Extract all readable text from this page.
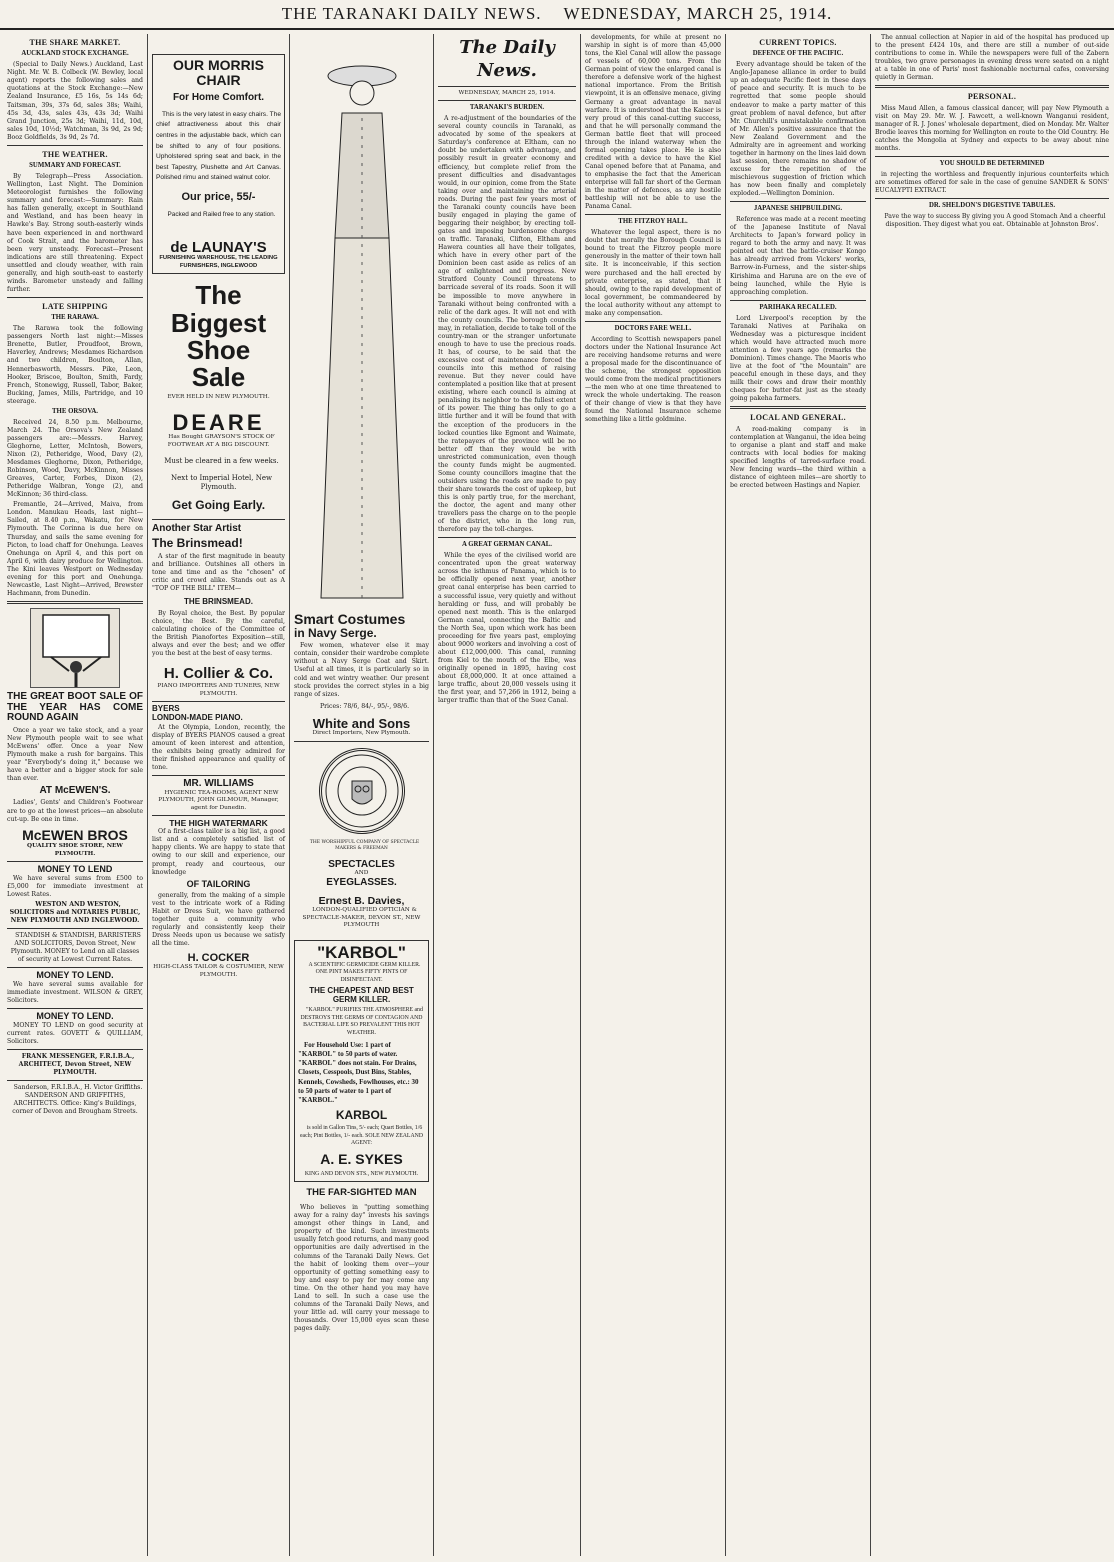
THE TARANAKI DAILY NEWS. WEDNESDAY, MARCH 25, 1914.
THE SHARE MARKET.
AUCKLAND STOCK EXCHANGE.

(Special to Daily News.) Auckland, Last Night. Mr. W. B. Colbeck (W. Bewley, local agent) reports the following sales and quotations at the Stock Exchange:—New Zealand Insurance, £5 16s, 5s 14s 6d; Taitsman, 39s, 37s 6d, sales 38s; Waihi, 45s 3d, 43s, sales 43s, 43s 3d; Waihi Grand Junction, 25s 3d; Waihi, 11d, 10d, sales 10d, 10½d; Watchman, 3s 9d, 2s 9d; Booz Goldfields, 3s 9d, 2s 7d.

THE WEATHER.
SUMMARY AND FORECAST.

By Telegraph—Press Association. Wellington, Last Night. The Dominion Meteorologist furnishes the following summary and forecast:—Summary: Rain has fallen generally, except in Southland and Westland, and has been heavy in Hawke's Bay. Strong south-easterly winds have been experienced in and northward of Cook Strait, and the barometer has been very unsteady. Forecast—Present indications are still threatening. Expect unsettled and cloudy weather, with rain generally, and high south-east to easterly winds. Barometer unsteady and falling further.

LATE SHIPPING
THE RARAWA.

The Rarawa took the following passengers North last night:—Misses Brenette, Butler, Proudfoot, Brown, Haverley, Andrews; Mesdames Richardson and two children, Boulton, Allan, Hennerbasworth, Messrs. Pike, Leon, Hooker, Briscoe, Boulton, Smith, Fardy, French, Stonewigg, Russell, Tabor, Baker, Bucking, James, Mills, Partridge, and 10 steerage.

THE ORSOVA.

Received 24, 8.50 p.m. Melbourne, March 24. The Orsova's New Zealand passengers are:—Messrs. Harvey, Gleghorne, Letter, McIntosh, Bowers, Nixon (2), Petheridge, Wood, Davy (2), Mesdames Gleghorne, Dixon, Petheridge, Robinson, Wood, Davy, McKinnon, Misses Greaves, Carter, Forbes, Dixon (2), Petheridge Walbran, Yonge (2), and McKinnon; 36 third-class.

Fremantle, 24—Arrived, Maiva, from London. Manukau Heads, last night—Sailed, at 8.40 p.m., Wakatu, for New Plymouth. The Corinna is due here on Thursday, and sails the same evening for Picton, to load chaff for Onehunga. Leaves Onehunga on April 4, and this port on April 6, with dairy produce for Wellington. The Kini leaves Westport on Wednesday evening for this port and Onehunga. Newcastle, Last Night—Arrived, Brewster Hachmann, from Dunedin.

THE GREAT BOOT SALE OF THE YEAR HAS COME ROUND AGAIN

Once a year we take stock, and a year New Plymouth people wait to see what McEwens' offer. Once a year New Plymouth make a rush for bargains. This year "Everybody's doing it," because we have a better and a bigger stock for sale than ever.

AT McEWEN'S.

Ladies', Gents' and Children's Footwear are to go at the lowest prices—an absolute cut-up. Be one in time.

McEWEN BROS
QUALITY SHOE STORE, NEW PLYMOUTH.
MONEY TO LEND

We have several sums from £500 to £5,000 for immediate investment at Lowest Rates.

WESTON AND WESTON, SOLICITORS and NOTARIES PUBLIC, NEW PLYMOUTH AND INGLEWOOD.

STANDISH & STANDISH, BARRISTERS AND SOLICITORS, Devon Street, New Plymouth. MONEY to Lend on all classes of security at Lowest Current Rates.

MONEY TO LEND.

We have several sums available for immediate investment. WILSON & GREY, Solicitors.

MONEY TO LEND.

MONEY TO LEND on good security at current rates. GOVETT & QUILLIAM, Solicitors.

FRANK MESSENGER, F.R.I.B.A., ARCHITECT, Devon Street, NEW PLYMOUTH.

Sanderson, F.R.I.B.A., H. Victor Griffiths. SANDERSON AND GRIFFITHS, ARCHITECTS. Office: King's Buildings, corner of Devon and Brougham Streets.

OUR MORRIS CHAIR
For Home Comfort.

This is the very latest in easy chairs. The chief attractiveness about this chair centres in the adjustable back, which can be shifted to any of four positions. Upholstered spring seat and back, in the best Tapestry, Plushette and Art Canvas. Polished rimu and stained walnut color.

Our price, 55/-

Packed and Railed free to any station.

de LAUNAY'S
FURNISHING WAREHOUSE, THE LEADING FURNISHERS, INGLEWOOD
The
Biggest
Shoe
Sale
EVER HELD IN NEW PLYMOUTH.
DEARE

Has Bought GRAYSON'S STOCK OF FOOTWEAR AT A BIG DISCOUNT.

Must be cleared in a few weeks.

Next to Imperial Hotel, New Plymouth.

Get Going Early.
Another Star Artist
The Brinsmead!

A star of the first magnitude in beauty and brilliance. Outshines all others in tone and time and as the "chosen" of critic and crowd alike. Stands out as A "TOP OF THE BILL" ITEM—

THE BRINSMEAD.

By Royal choice, the Best. By popular choice, the Best. By the careful, calculating choice of the Committee of the British Pianofortes Exposition—still, always and ever the best; and we offer you the best at the best of easy terms.

H. Collier & Co.
PIANO IMPORTERS AND TUNERS, NEW PLYMOUTH.
BYERS
LONDON-MADE PIANO.

At the Olympia, London, recently, the display of BYERS PIANOS caused a great amount of keen interest and attention, the exhibits being greatly admired for their finished appearance and quality of tone.

MR. WILLIAMS

HYGIENIC TEA-ROOMS, AGENT NEW PLYMOUTH, JOHN GILMOUR, Manager, agent for Dunedin.

THE HIGH WATERMARK

Of a first-class tailor is a big list, a good list and a completely satisfied list of happy clients. We are happy to state that owing to our skill and experience, our prompt, ready and courteous, our knowledge

OF TAILORING

generally, from the making of a simple vest to the intricate work of a Riding Habit or Dress Suit, we have gathered together quite a community who regularly and consistently keep their Dress Needs upon us because we satisfy all the time.

H. COCKER
HIGH-CLASS TAILOR & COSTUMIER, NEW PLYMOUTH.
Smart Costumes
in Navy Serge.

Few women, whatever else it may contain, consider their wardrobe complete without a Navy Serge Coat and Skirt. Useful at all times, it is particularly so in cold and wet wintry weather. Our present stock provides the correct styles in a big range of sizes.

Prices: 78/6, 84/-, 95/-, 98/6.

White and Sons
Direct Importers, New Plymouth.

THE WORSHIPFUL COMPANY OF SPECTACLE MAKERS & FREEMAN

SPECTACLES
AND
EYEGLASSES.
Ernest B. Davies,

LONDON-QUALIFIED OPTICIAN & SPECTACLE-MAKER, DEVON ST., NEW PLYMOUTH

"KARBOL"

A SCIENTIFIC GERMICIDE GERM KILLER. ONE PINT MAKES FIFTY PINTS OF DISINFECTANT.

THE CHEAPEST AND BEST GERM KILLER.

"KARBOL" PURIFIES THE ATMOSPHERE and DESTROYS THE GERMS OF CONTAGION AND BACTERIAL LIFE SO PREVALENT THIS HOT WEATHER.

For Household Use: 1 part of "KARBOL" to 50 parts of water. "KARBOL" does not stain. For Drains, Closets, Cesspools, Dust Bins, Stables, Kennels, Cowsheds, Fowlhouses, etc.: 30 to 50 parts of water to 1 part of "KARBOL."

KARBOL

is sold in Gallon Tins, 5/- each; Quart Bottles, 1/6 each; Pint Bottles, 1/- each. SOLE NEW ZEALAND AGENT:

A. E. SYKES
KING AND DEVON STS., NEW PLYMOUTH.
THE FAR-SIGHTED MAN

Who believes in "putting something away for a rainy day" invests his savings amongst other things in Land, and property of the kind. Such investments usually fetch good returns, and many good opportunities are daily advertised in the columns of the Taranaki Daily News. Get the habit of looking them over—your opportunity of getting something easy to buy and easy to pay for may come any time. On the other hand you may have Land to sell. In such a case use the columns of the Taranaki Daily News, and your little ad. will carry your message to thousands. Over 15,000 eyes scan these pages daily.

The Daily News.
WEDNESDAY, MARCH 25, 1914.
TARANAKI'S BURDEN.

A re-adjustment of the boundaries of the several county councils in Taranaki, as advocated by some of the speakers at Saturday's conference at Eltham, can no doubt be undertaken with advantage, and possibly result in greater economy and efficiency, but complete relief from the present difficulties and disadvantages would, in our opinion, come from the State taking over and maintaining the arterial roads. During the past few years most of the Taranaki county councils have been busily engaged in playing the game of beggaring their neighbor, by erecting toll-gates and imposing burdensome charges on traffic. Taranaki, Clifton, Eltham and Hawera counties all have their tollgates, which have in every other part of the Dominion been cast aside as relics of an age of enlightened and progress. New Stratford County Council threatens to barricade several of its roads. Soon it will be impossible to move anywhere in Taranaki without being confronted with a relic of the dark ages. It will not end with the county councils. The borough councils may, in retaliation, decide to take toll of the country-man or the stranger unfortunate enough to have to use the precious roads. It has, of course, to be said that the excessive cost of maintenance forced the councils into this method of raising revenue. But they never could have contemplated a position like that at present existing, where each council is aiming at penalising its neighbor to the fullest extent of its power. The thing has only to go a little further and it will be found that with the exception of the producers in the locked counties like Egmont and Waimate, the ratepayers of the province will be no better off than they would be with unrestricted communication, even though the county funds might be augmented. Some county councillors imagine that the outsiders using the roads are made to pay their share towards the cost of upkeep, but this is only partly true, for the merchant, the doctor, the agent and many other travellers pass the charge on to the people of the district, who in the long run, therefore pay the toll-charges.

A GREAT GERMAN CANAL.

While the eyes of the civilised world are concentrated upon the great waterway across the isthmus of Panama, which is to be officially opened next year, another great canal enterprise has been carried to a successful issue, very quietly and without heralding or fuss, and will probably be opened next month. This is the enlarged German canal, connecting the Baltic and the North Sea, upon which work has been proceeding for five years past, employing about 9000 workers and involving a cost of about £12,000,000. This canal, running from Kiel to the mouth of the Elbe, was originally opened in 1895, having cost about £8,000,000. It at once attained a large traffic, about 20,000 vessels using it the first year, and 57,266 in 1912, being a larger traffic than that of the Suez Canal.

developments, for while at present no warship in sight is of more than 45,000 tons, the Kiel Canal will allow the passage of vessels of 60,000 tons. From the German point of view the enlarged canal is therefore a defensive work of the highest national importance. From the British viewpoint, it is an offensive menace, giving Germany a great advantage in naval warfare. It is understood that the Kaiser is very proud of this canal-cutting success, and that he will personally command the German battle fleet that will proceed through the inland waterway when the formal opening takes place. He is also credited with a device to have the Kiel Canal opened before that at Panama, and to emphasise the fact that the American enterprise will fall far short of the German in the matter of defences, as any hostile battleship will not be able to use the Panama Canal.

THE FITZROY HALL.

Whatever the legal aspect, there is no doubt that morally the Borough Council is bound to treat the Fitzroy people more generously in the matter of their town hall site. It is inconceivable, if this section were purchased and the hall erected by private enterprise, as stated, that it should, owing to the rapid development of local government, be commandeered by the local authority without any attempt to make any compensation.

DOCTORS FARE WELL.

According to Scottish newspapers panel doctors under the National Insurance Act are receiving handsome returns and were a proposal made for the discontinuance of the scheme, the strongest opposition would come from the medical practitioners—the men who at one time threatened to wreck the whole undertaking. The reason of their change of view is that they have found the National Insurance scheme something like a little goldmine.

CURRENT TOPICS.
DEFENCE OF THE PACIFIC.

Every advantage should be taken of the Anglo-Japanese alliance in order to build up an adequate Pacific fleet in these days of peace and security. It is much to be regretted that some people should endeavor to make a party matter of this great problem of naval defence, but after Mr. Churchill's unmistakable confirmation of Mr. Allen's positive assurance that the New Zealand Government and the Admiralty are in agreement and working together in harmony on the lines laid down last session, there remains no shadow of excuse for the repetition of the mischievous suggestion of friction which has now been finally and completely exploded.—Wellington Dominion.

JAPANESE SHIPBUILDING.

Reference was made at a recent meeting of the Japanese Institute of Naval Architects to Japan's forward policy in regard to both the army and navy. It was pointed out that the battle-cruiser Kongo has already arrived from Vickers' works, Barrow-in-Furness, and the sister-ships Kirishima and Haruna are on the eve of being launched, while the Hyie is approaching completion.

PARIHAKA RECALLED.

Lord Liverpool's reception by the Taranaki Natives at Parihaka on Wednesday was a picturesque incident which would have attracted much more attention a few years ago (remarks the Dominion). Times change. The Maoris who live at the foot of "the Mountain" are peaceful enough in these days, and they milk their cows and draw their monthly cheques for butter-fat just as the steady going pakeha farmers.

LOCAL AND GENERAL.

A road-making company is in contemplation at Wanganui, the idea being to organise a plant and staff and make contracts with local bodies for making specified lengths of tarred-surface road. New fencing wards—the third within a distance of eighteen miles—are shortly to be erected between Hastings and Napier.

The annual collection at Napier in aid of the hospital has produced up to the present £424 10s, and there are still a number of out-side contributions to come in. While the newspapers were full of the Zabern troubles, two grave personages in evening dress were seated on a night at a table in one of Paris' most fashionable nocturnal cafes, conversing quietly in German.

PERSONAL.

Miss Maud Allen, a famous classical dancer, will pay New Plymouth a visit on May 29. Mr. W. J. Fawcett, a well-known Wanganui resident, manager of R. J. Jones' wholesale department, died on Monday. Mr. Walter Brodie leaves this morning for Wellington en route to the Old Country. He catches the Mongolia at Sydney and expects to be away about nine months.

YOU SHOULD BE DETERMINED

in rejecting the worthless and frequently injurious counterfeits which are sometimes offered for sale in the case of genuine SANDER & SONS' EUCALYPTI EXTRACT.

DR. SHELDON'S DIGESTIVE TABULES.

Pave the way to success By giving you A good Stomach And a cheerful disposition. They digest what you eat. Obtainable at Johnston Bros'.
